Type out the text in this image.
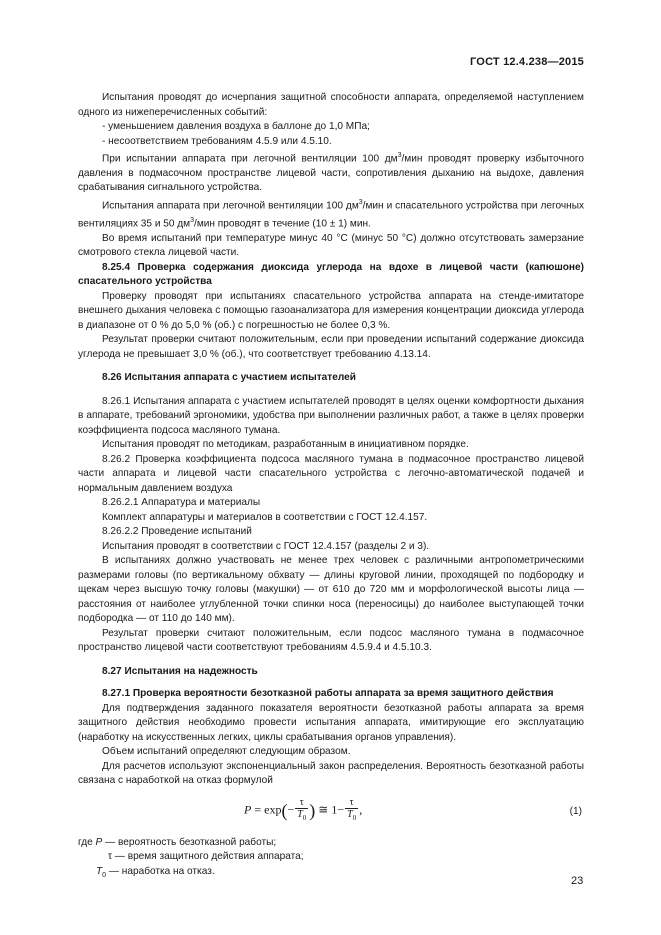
ГОСТ 12.4.238—2015

Испытания проводят до исчерпания защитной способности аппарата, определяемой наступлением одного из нижеперечисленных событий:

- уменьшением давления воздуха в баллоне до 1,0 МПа;

- несоответствием требованиям 4.5.9 или 4.5.10.

При испытании аппарата при легочной вентиляции 100 $дм^3$/мин проводят проверку избыточного давления в подмасочном пространстве лицевой части, сопротивления дыханию на выдохе, давления срабатывания сигнального устройства.

Испытания аппарата при легочной вентиляции 100 $дм^3$/мин и спасательного устройства при легочных вентиляциях 35 и 50 $дм^3$/мин проводят в течение (10 ± 1) мин.

Во время испытаний при температуре минус 40 °С (минус 50 °С) должно отсутствовать замерзание смотрового стекла лицевой части.

8.25.4 Проверка содержания диоксида углерода на вдохе в лицевой части (капюшоне) спасательного устройства

Проверку проводят при испытаниях спасательного устройства аппарата на стенде-имитаторе внешнего дыхания человека с помощью газоанализатора для измерения концентрации диоксида углерода в диапазоне от 0 % до 5,0 % (об.) с погрешностью не более 0,3 %.

Результат проверки считают положительным, если при проведении испытаний содержание диоксида углерода не превышает 3,0 % (об.), что соответствует требованию 4.13.14.

8.26 Испытания аппарата с участием испытателей

8.26.1 Испытания аппарата с участием испытателей проводят в целях оценки комфортности дыхания в аппарате, требований эргономики, удобства при выполнении различных работ, а также в целях проверки коэффициента подсоса масляного тумана.

Испытания проводят по методикам, разработанным в инициативном порядке.

8.26.2 Проверка коэффициента подсоса масляного тумана в подмасочное пространство лицевой части аппарата и лицевой части спасательного устройства с легочно-автоматической подачей и нормальным давлением воздуха

8.26.2.1 Аппаратура и материалы

Комплект аппаратуры и материалов в соответствии с ГОСТ 12.4.157.

8.26.2.2 Проведение испытаний

Испытания проводят в соответствии с ГОСТ 12.4.157 (разделы 2 и 3).

В испытаниях должно участвовать не менее трех человек с различными антропометрическими размерами головы (по вертикальному обхвату — длины круговой линии, проходящей по подбородку и щекам через высшую точку головы (макушки) — от 610 до 720 мм и морфологической высоты лица — расстояния от наиболее углубленной точки спинки носа (переносицы) до наиболее выступающей точки подбородка — от 110 до 140 мм).

Результат проверки считают положительным, если подсос масляного тумана в подмасочное пространство лицевой части соответствуют требованиям 4.5.9.4 и 4.5.10.3.

8.27 Испытания на надежность

8.27.1 Проверка вероятности безотказной работы аппарата за время защитного действия

Для подтверждения заданного показателя вероятности безотказной работы аппарата за время защитного действия необходимо провести испытания аппарата, имитирующие его эксплуатацию (наработку на искусственных легких, циклы срабатывания органов управления).

Объем испытаний определяют следующим образом.

Для расчетов используют экспоненциальный закон распределения. Вероятность безотказной работы связана с наработкой на отказ формулой

$P = \exp(- \frac{\tau}{T_0}$ ) ≅ $1- \frac{\tau}{T_0}$ ,	(1)

где P — вероятность безотказной работы;

τ — время защитного действия аппарата;

$T_0$ — наработка на отказ.

23
